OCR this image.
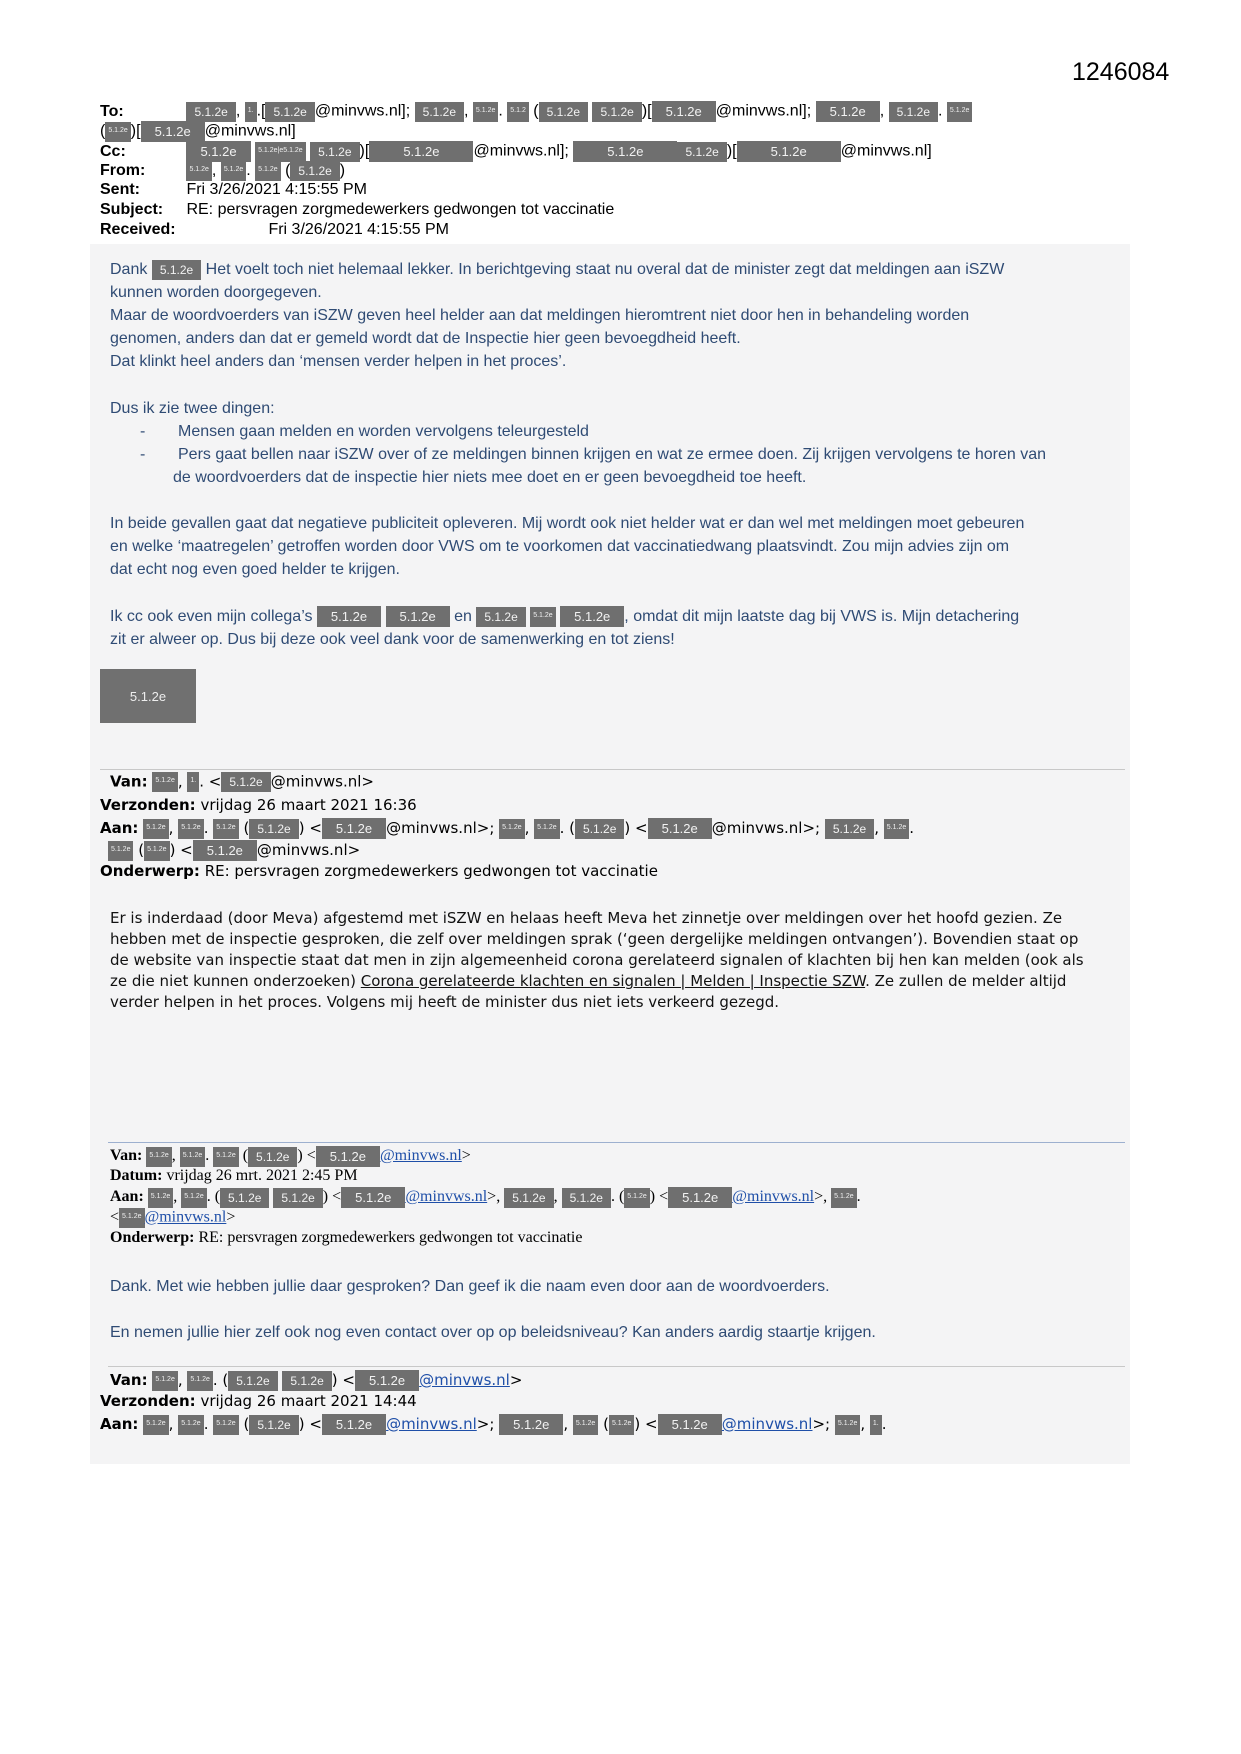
1246084
To:	5.1.2e , 1. .[ 5.1.2e @minvws.nl]; 5.1.2e , 5.1.2e . 5.1.2 ( 5.1.2e 5.1.2e )[ 5.1.2e @minvws.nl]; 5.1.2e , 5.1.2e . 5.1.2e
( 5.1.2e )[ 5.1.2e @minvws.nl]
Cc:	5.1.2e	5.1.2e|e5.1.2e 5.1.2e )[	5.1.2e @minvws.nl];	5.1.2e	5.1.2e )[	5.1.2e @minvws.nl]
From:	5.1.2e , 5.1.2e . 5.1.2e ( 5.1.2e )
Sent:	Fri 3/26/2021 4:15:55 PM
Subject: RE: persvragen zorgmedewerkers gedwongen tot vaccinatie
Received:	Fri 3/26/2021 4:15:55 PM
Dank 5.1.2e Het voelt toch niet helemaal lekker. In berichtgeving staat nu overal dat de minister zegt dat meldingen aan iSZW
kunnen worden doorgegeven.
Maar de woordvoerders van iSZW geven heel helder aan dat meldingen hieromtrent niet door hen in behandeling worden
genomen, anders dan dat er gemeld wordt dat de Inspectie hier geen bevoegdheid heeft.
Dat klinkt heel anders dan ‘mensen verder helpen in het proces’.
Dus ik zie twee dingen:
- Mensen gaan melden en worden vervolgens teleurgesteld
- Pers gaat bellen naar iSZW over of ze meldingen binnen krijgen en wat ze ermee doen. Zij krijgen vervolgens te horen van
de woordvoerders dat de inspectie hier niets mee doet en er geen bevoegdheid toe heeft.
In beide gevallen gaat dat negatieve publiciteit opleveren. Mij wordt ook niet helder wat er dan wel met meldingen moet gebeuren
en welke ‘maatregelen’ getroffen worden door VWS om te voorkomen dat vaccinatiedwang plaatsvindt. Zou mijn advies zijn om
dat echt nog even goed helder te krijgen.
Ik cc ook even mijn collega’s 5.1.2e 5.1.2e en 5.1.2e 5.1.2e 5.1.2e , omdat dit mijn laatste dag bij VWS is. Mijn detachering
zit er alweer op. Dus bij deze ook veel dank voor de samenwerking en tot ziens!
5.1.2e
Van: 5.1.2e , 1. . < 5.1.2e @minvws.nl>
Verzonden: vrijdag 26 maart 2021 16:36
Aan: 5.1.2e , 5.1.2e . 5.1.2e ( 5.1.2e ) < 5.1.2e @minvws.nl>; 5.1.2e , 5.1.2e . ( 5.1.2e ) < 5.1.2e @minvws.nl>; 5.1.2e , 5.1.2e .
5.1.2e ( 5.1.2e ) < 5.1.2e @minvws.nl>
Onderwerp: RE: persvragen zorgmedewerkers gedwongen tot vaccinatie
Er is inderdaad (door Meva) afgestemd met iSZW en helaas heeft Meva het zinnetje over meldingen over het hoofd gezien. Ze
hebben met de inspectie gesproken, die zelf over meldingen sprak (‘geen dergelijke meldingen ontvangen’). Bovendien staat op
de website van inspectie staat dat men in zijn algemeenheid corona gerelateerd signalen of klachten bij hen kan melden (ook als
ze die niet kunnen onderzoeken) Corona gerelateerde klachten en signalen | Melden | Inspectie SZW. Ze zullen de melder altijd
verder helpen in het proces. Volgens mij heeft de minister dus niet iets verkeerd gezegd.
Van: 5.1.2e , 5.1.2e . 5.1.2e ( 5.1.2e ) < 5.1.2e @minvws.nl>
Datum: vrijdag 26 mrt. 2021 2:45 PM
Aan: 5.1.2e , 5.1.2e . ( 5.1.2e 5.1.2e ) < 5.1.2e @minvws.nl>, 5.1.2e , 5.1.2e . ( 5.1.2e ) < 5.1.2e @minvws.nl>, 5.1.2e .
< 5.1.2e @minvws.nl>
Onderwerp: RE: persvragen zorgmedewerkers gedwongen tot vaccinatie
Dank. Met wie hebben jullie daar gesproken? Dan geef ik die naam even door aan de woordvoerders.
En nemen jullie hier zelf ook nog even contact over op op beleidsniveau? Kan anders aardig staartje krijgen.
Van: 5.1.2e , 5.1.2e . ( 5.1.2e 5.1.2e ) < 5.1.2e @minvws.nl>
Verzonden: vrijdag 26 maart 2021 14:44
Aan: 5.1.2e , 5.1.2e . 5.1.2e ( 5.1.2e ) < 5.1.2e @minvws.nl>; 5.1.2e , 5.1.2e ( 5.1.2e ) < 5.1.2e @minvws.nl>; 5.1.2e , 1. .
